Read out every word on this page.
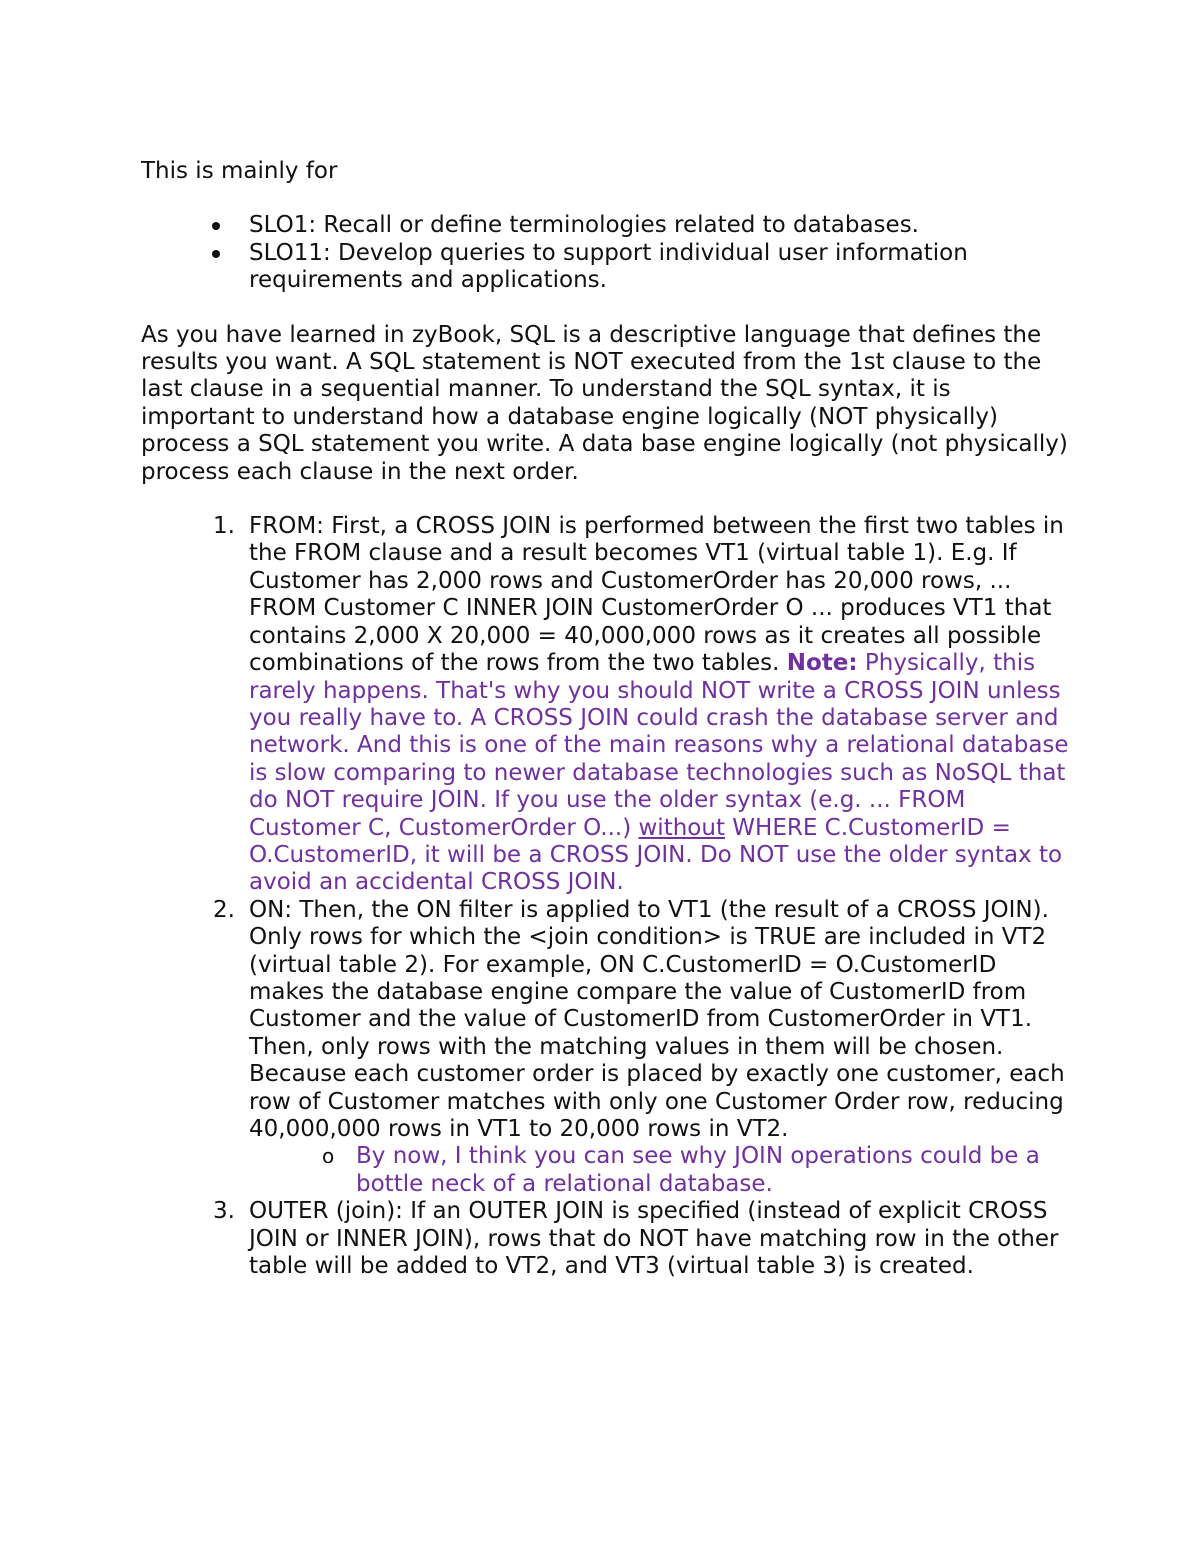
This is mainly for

SLO1: Recall or define terminologies related to databases.
SLO11: Develop queries to support individual user information requirements and applications.

As you have learned in zyBook, SQL is a descriptive language that defines the results you want. A SQL statement is NOT executed from the 1st clause to the last clause in a sequential manner. To understand the SQL syntax, it is important to understand how a database engine logically (NOT physically) process a SQL statement you write. A data base engine logically (not physically) process each clause in the next order.

1. FROM: First, a CROSS JOIN is performed between the first two tables in the FROM clause and a result becomes VT1 (virtual table 1). E.g. If Customer has 2,000 rows and CustomerOrder has 20,000 rows, ... FROM Customer C INNER JOIN CustomerOrder O ... produces VT1 that contains 2,000 X 20,000 = 40,000,000 rows as it creates all possible combinations of the rows from the two tables. Note: Physically, this rarely happens. That's why you should NOT write a CROSS JOIN unless you really have to. A CROSS JOIN could crash the database server and network. And this is one of the main reasons why a relational database is slow comparing to newer database technologies such as NoSQL that do NOT require JOIN. If you use the older syntax (e.g. ... FROM Customer C, CustomerOrder O...) without WHERE C.CustomerID = O.CustomerID, it will be a CROSS JOIN. Do NOT use the older syntax to avoid an accidental CROSS JOIN.
2. ON: Then, the ON filter is applied to VT1 (the result of a CROSS JOIN). Only rows for which the <join condition> is TRUE are included in VT2 (virtual table 2). For example, ON C.CustomerID = O.CustomerID makes the database engine compare the value of CustomerID from Customer and the value of CustomerID from CustomerOrder in VT1. Then, only rows with the matching values in them will be chosen. Because each customer order is placed by exactly one customer, each row of Customer matches with only one Customer Order row, reducing 40,000,000 rows in VT1 to 20,000 rows in VT2.
o By now, I think you can see why JOIN operations could be a bottle neck of a relational database.
3. OUTER (join): If an OUTER JOIN is specified (instead of explicit CROSS JOIN or INNER JOIN), rows that do NOT have matching row in the other table will be added to VT2, and VT3 (virtual table 3) is created.
